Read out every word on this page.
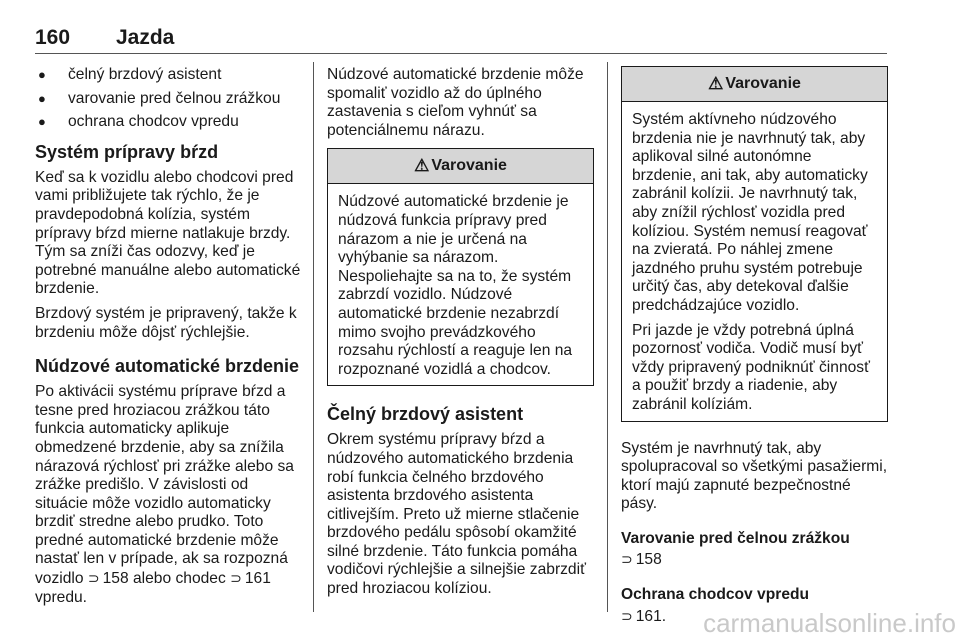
160 Jazda
● čelný brzdový asistent
● varovanie pred čelnou zrážkou
● ochrana chodcov vpredu
Systém prípravy bŕzd

Keď sa k vozidlu alebo chodcovi pred vami približujete tak rýchlo, že je pravdepodobná kolízia, systém prípravy bŕzd mierne natlakuje brzdy. Tým sa zníži čas odozvy, keď je potrebné manuálne alebo automatické brzdenie.

Brzdový systém je pripravený, takže k brzdeniu môže dôjsť rýchlejšie.

Núdzové automatické brzdenie

Po aktivácii systému príprave bŕzd a tesne pred hroziacou zrážkou táto funkcia automaticky aplikuje obmedzené brzdenie, aby sa znížila nárazová rýchlosť pri zrážke alebo sa zrážke predišlo. V závislosti od situácie môže vozidlo automaticky brzdiť stredne alebo prudko. Toto predné automatické brzdenie môže nastať len v prípade, ak sa rozpozná vozidlo ⊃ 158 alebo chodec ⊃ 161 vpredu.

Núdzové automatické brzdenie môže spomaliť vozidlo až do úplného zastavenia s cieľom vyhnúť sa potenciálnemu nárazu.

⚠ Varovanie

Núdzové automatické brzdenie je núdzová funkcia prípravy pred nárazom a nie je určená na vyhýbanie sa nárazom. Nespoliehajte sa na to, že systém zabrzdí vozidlo. Núdzové automatické brzdenie nezabrzdí mimo svojho prevádzkového rozsahu rýchlostí a reaguje len na rozpoznané vozidlá a chodcov.

Čelný brzdový asistent

Okrem systému prípravy bŕzd a núdzového automatického brzdenia robí funkcia čelného brzdového asistenta brzdového asistenta citlivejším. Preto už mierne stlačenie brzdového pedálu spôsobí okamžité silné brzdenie. Táto funkcia pomáha vodičovi rýchlejšie a silnejšie zabrzdiť pred hroziacou kolíziou.

⚠ Varovanie

Systém aktívneho núdzového brzdenia nie je navrhnutý tak, aby aplikoval silné autonómne brzdenie, ani tak, aby automaticky zabránil kolízii. Je navrhnutý tak, aby znížil rýchlosť vozidla pred kolíziou. Systém nemusí reagovať na zvieratá. Po náhlej zmene jazdného pruhu systém potrebuje určitý čas, aby detekoval ďalšie predchádzajúce vozidlo.

Pri jazde je vždy potrebná úplná pozornosť vodiča. Vodič musí byť vždy pripravený podniknúť činnosť a použiť brzdy a riadenie, aby zabránil kolíziám.

Systém je navrhnutý tak, aby spolupracoval so všetkými pasažiermi, ktorí majú zapnuté bezpečnostné pásy.

Varovanie pred čelnou zrážkou

⊃ 158

Ochrana chodcov vpredu

⊃ 161.	carmanualsonline.info
